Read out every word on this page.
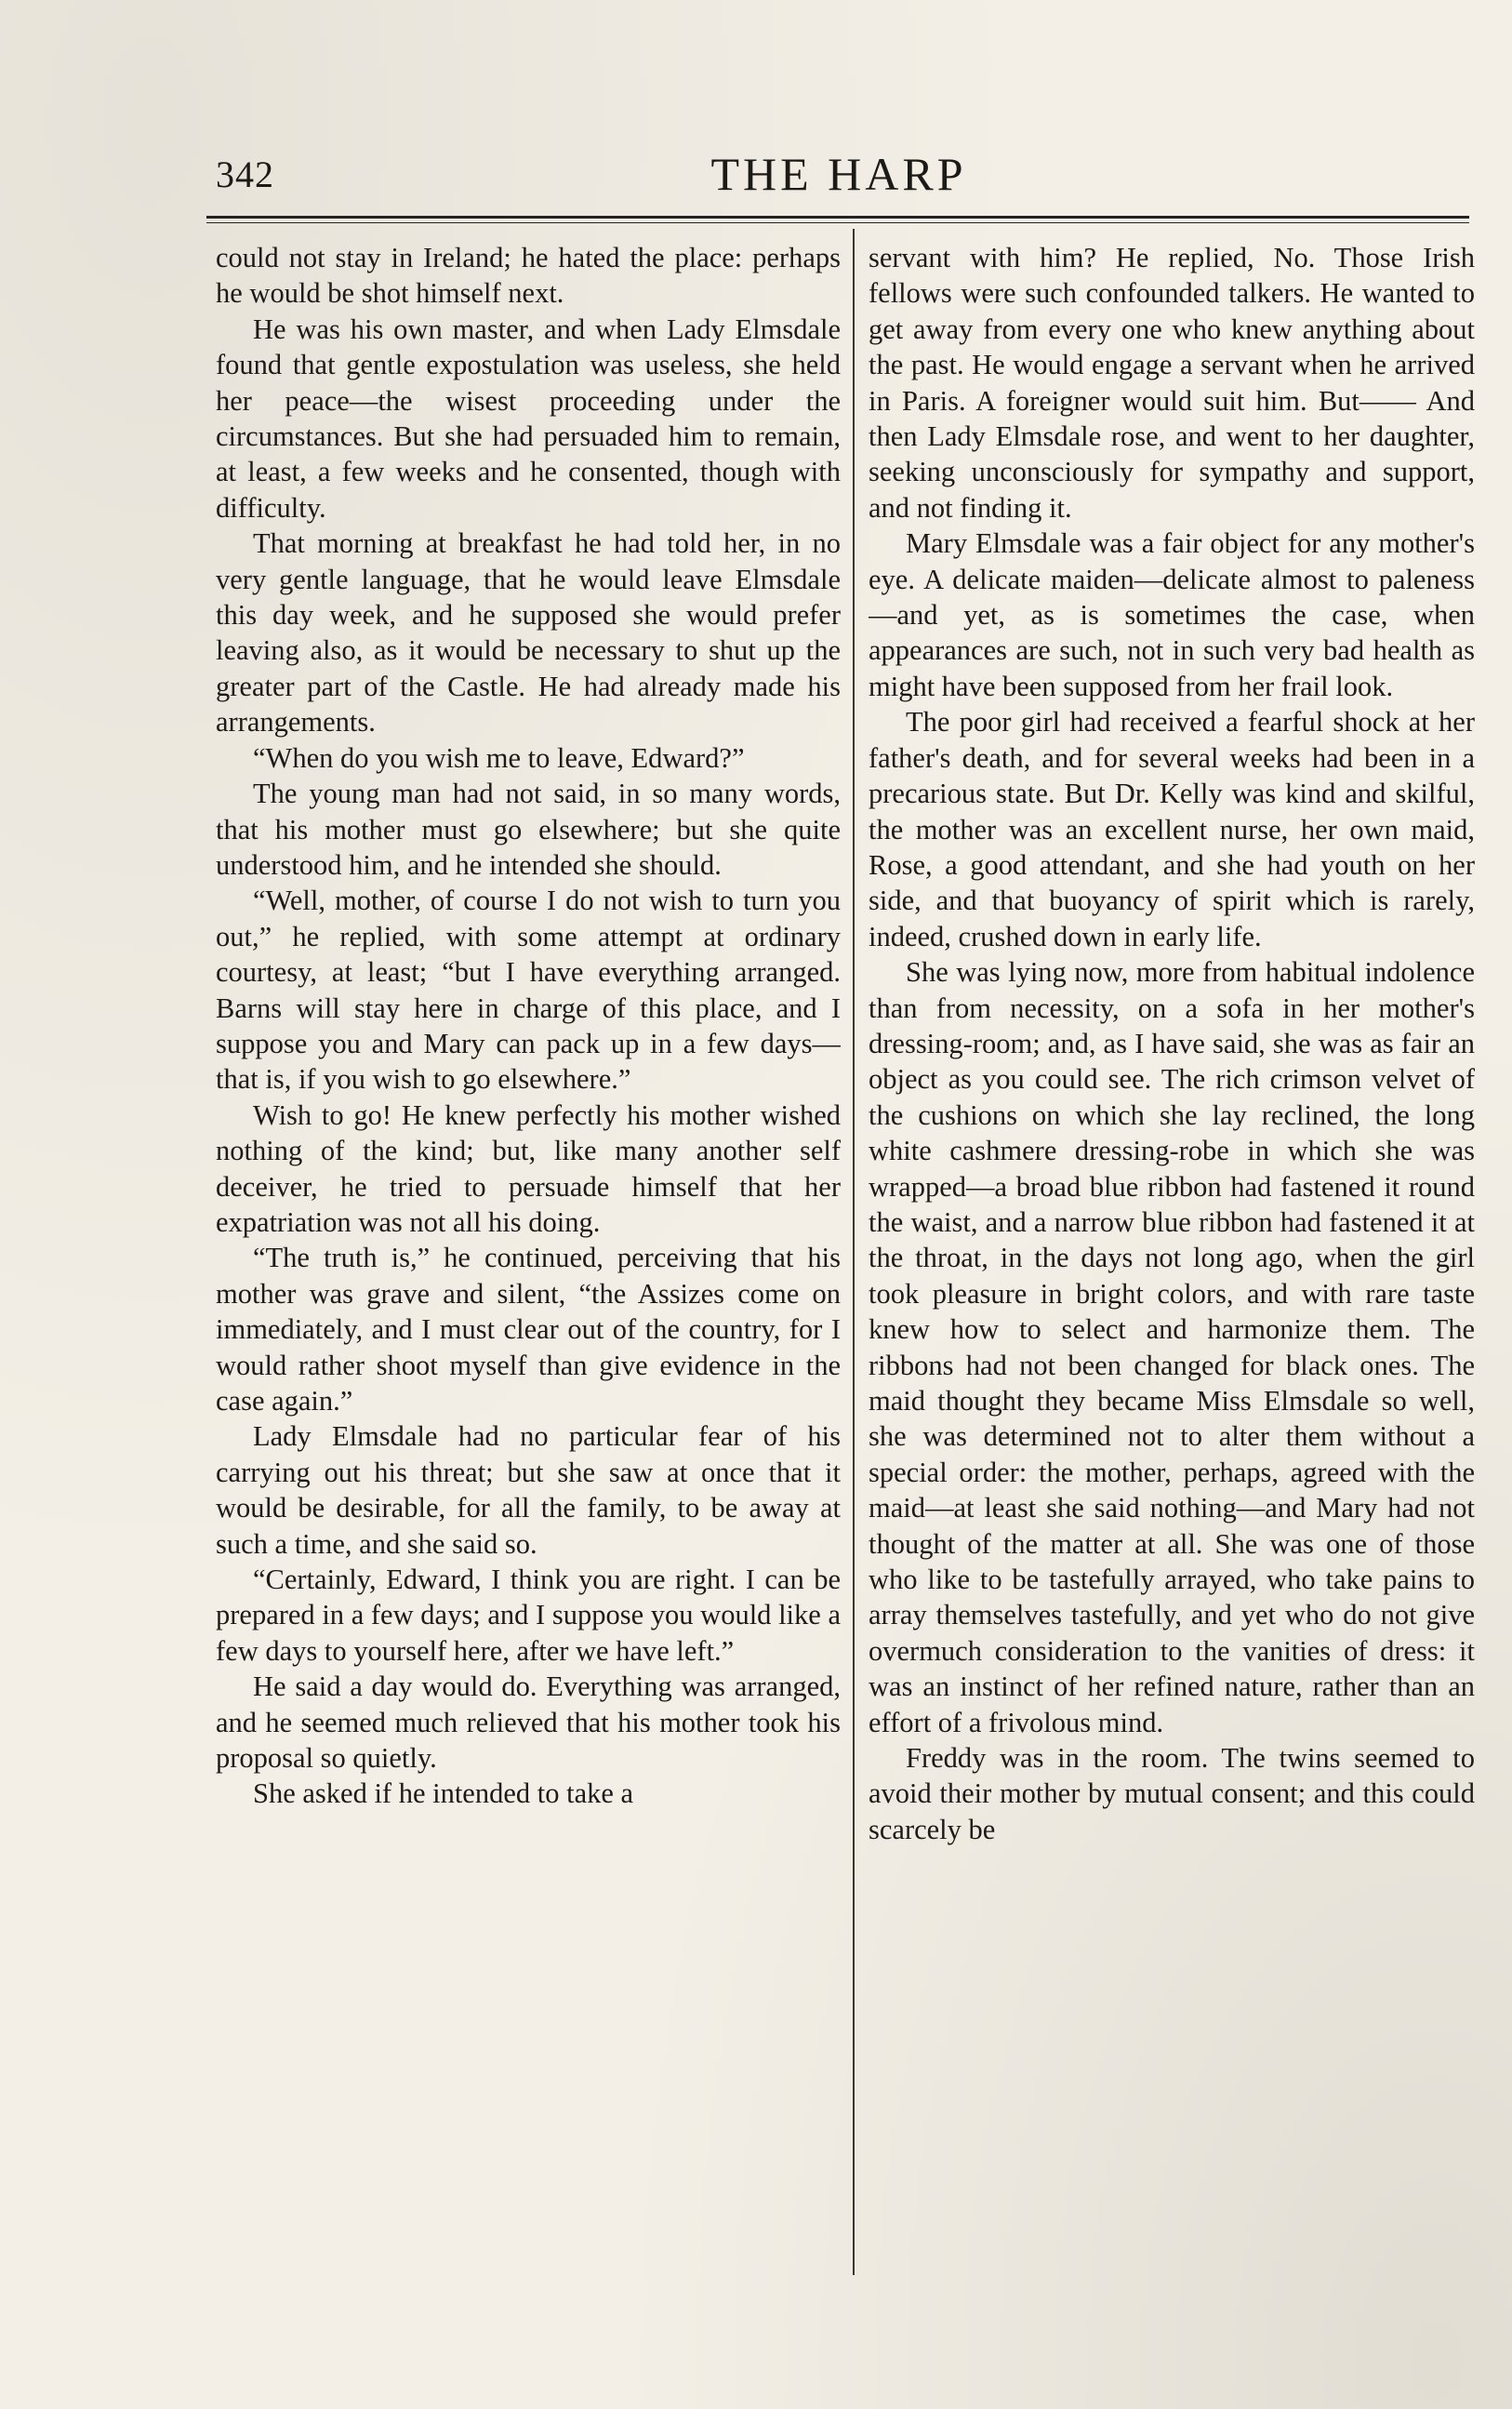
342	THE HARP

could not stay in Ireland; he hated the place: perhaps he would be shot himself next.

He was his own master, and when Lady Elmsdale found that gentle expostulation was useless, she held her peace—the wisest proceeding under the circumstances. But she had persuaded him to remain, at least, a few weeks and he consented, though with difficulty.

That morning at breakfast he had told her, in no very gentle language, that he would leave Elmsdale this day week, and he supposed she would prefer leaving also, as it would be necessary to shut up the greater part of the Castle. He had already made his arrangements.

“When do you wish me to leave, Edward?”

The young man had not said, in so many words, that his mother must go elsewhere; but she quite understood him, and he intended she should.

“Well, mother, of course I do not wish to turn you out,” he replied, with some attempt at ordinary courtesy, at least; “but I have everything arranged. Barns will stay here in charge of this place, and I suppose you and Mary can pack up in a few days—that is, if you wish to go elsewhere.”

Wish to go! He knew perfectly his mother wished nothing of the kind; but, like many another self deceiver, he tried to persuade himself that her expatriation was not all his doing.

“The truth is,” he continued, perceiving that his mother was grave and silent, “the Assizes come on immediately, and I must clear out of the country, for I would rather shoot myself than give evidence in the case again.”

Lady Elmsdale had no particular fear of his carrying out his threat; but she saw at once that it would be desirable, for all the family, to be away at such a time, and she said so.

“Certainly, Edward, I think you are right. I can be prepared in a few days; and I suppose you would like a few days to yourself here, after we have left.”

He said a day would do. Everything was arranged, and he seemed much relieved that his mother took his proposal so quietly.

She asked if he intended to take a

servant with him? He replied, No. Those Irish fellows were such confounded talkers. He wanted to get away from every one who knew anything about the past. He would engage a servant when he arrived in Paris. A foreigner would suit him. But—— And then Lady Elmsdale rose, and went to her daughter, seeking unconsciously for sympathy and support, and not finding it.

Mary Elmsdale was a fair object for any mother's eye. A delicate maiden—delicate almost to paleness—and yet, as is sometimes the case, when appearances are such, not in such very bad health as might have been supposed from her frail look.

The poor girl had received a fearful shock at her father's death, and for several weeks had been in a precarious state. But Dr. Kelly was kind and skilful, the mother was an excellent nurse, her own maid, Rose, a good attendant, and she had youth on her side, and that buoyancy of spirit which is rarely, indeed, crushed down in early life.

She was lying now, more from habitual indolence than from necessity, on a sofa in her mother's dressing-room; and, as I have said, she was as fair an object as you could see. The rich crimson velvet of the cushions on which she lay reclined, the long white cashmere dressing-robe in which she was wrapped—a broad blue ribbon had fastened it round the waist, and a narrow blue ribbon had fastened it at the throat, in the days not long ago, when the girl took pleasure in bright colors, and with rare taste knew how to select and harmonize them. The ribbons had not been changed for black ones. The maid thought they became Miss Elmsdale so well, she was determined not to alter them without a special order: the mother, perhaps, agreed with the maid—at least she said nothing—and Mary had not thought of the matter at all. She was one of those who like to be tastefully arrayed, who take pains to array themselves tastefully, and yet who do not give overmuch consideration to the vanities of dress: it was an instinct of her refined nature, rather than an effort of a frivolous mind.

Freddy was in the room. The twins seemed to avoid their mother by mutual consent; and this could scarcely be
